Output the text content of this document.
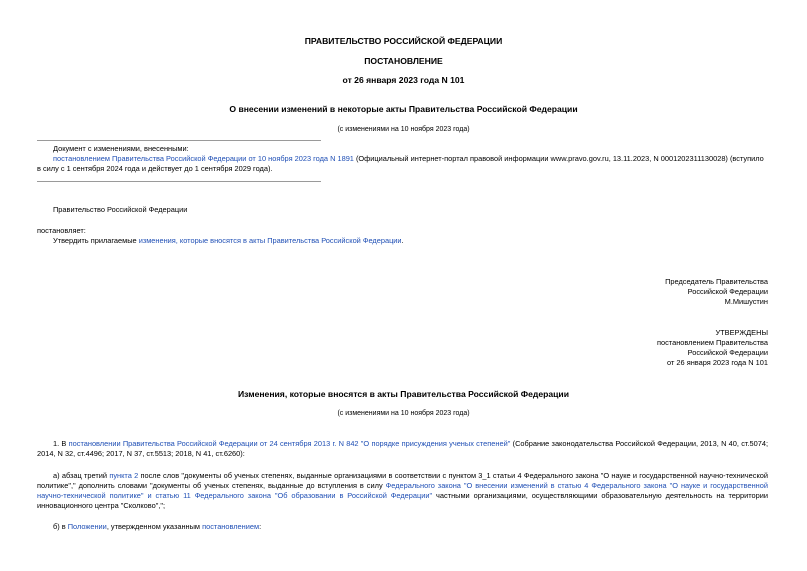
ПРАВИТЕЛЬСТВО РОССИЙСКОЙ ФЕДЕРАЦИИ
ПОСТАНОВЛЕНИЕ
от 26 января 2023 года N 101
О внесении изменений в некоторые акты Правительства Российской Федерации
(с изменениями на 10 ноября 2023 года)
Документ с изменениями, внесенными:
постановлением Правительства Российской Федерации от 10 ноября 2023 года N 1891 (Официальный интернет-портал правовой информации www.pravo.gov.ru, 13.11.2023, N 0001202311130028) (вступило в силу с 1 сентября 2024 года и действует до 1 сентября 2029 года).
Правительство Российской Федерации
постановляет:
Утвердить прилагаемые изменения, которые вносятся в акты Правительства Российской Федерации.
Председатель Правительства
Российской Федерации
М.Мишустин
УТВЕРЖДЕНЫ
постановлением Правительства
Российской Федерации
от 26 января 2023 года N 101
Изменения, которые вносятся в акты Правительства Российской Федерации
(с изменениями на 10 ноября 2023 года)
1. В постановлении Правительства Российской Федерации от 24 сентября 2013 г. N 842 "О порядке присуждения ученых степеней" (Собрание законодательства Российской Федерации, 2013, N 40, ст.5074; 2014, N 32, ст.4496; 2017, N 37, ст.5513; 2018, N 41, ст.6260):
а) абзац третий пункта 2 после слов "документы об ученых степенях, выданные организациями в соответствии с пунктом 3_1 статьи 4 Федерального закона "О науке и государственной научно-технической политике"," дополнить словами "документы об ученых степенях, выданные до вступления в силу Федерального закона "О внесении изменений в статью 4 Федерального закона "О науке и государственной научно-технической политике" и статью 11 Федерального закона "Об образовании в Российской Федерации" частными организациями, осуществляющими образовательную деятельность на территории инновационного центра "Сколково",";
б) в Положении, утвержденном указанным постановлением:
